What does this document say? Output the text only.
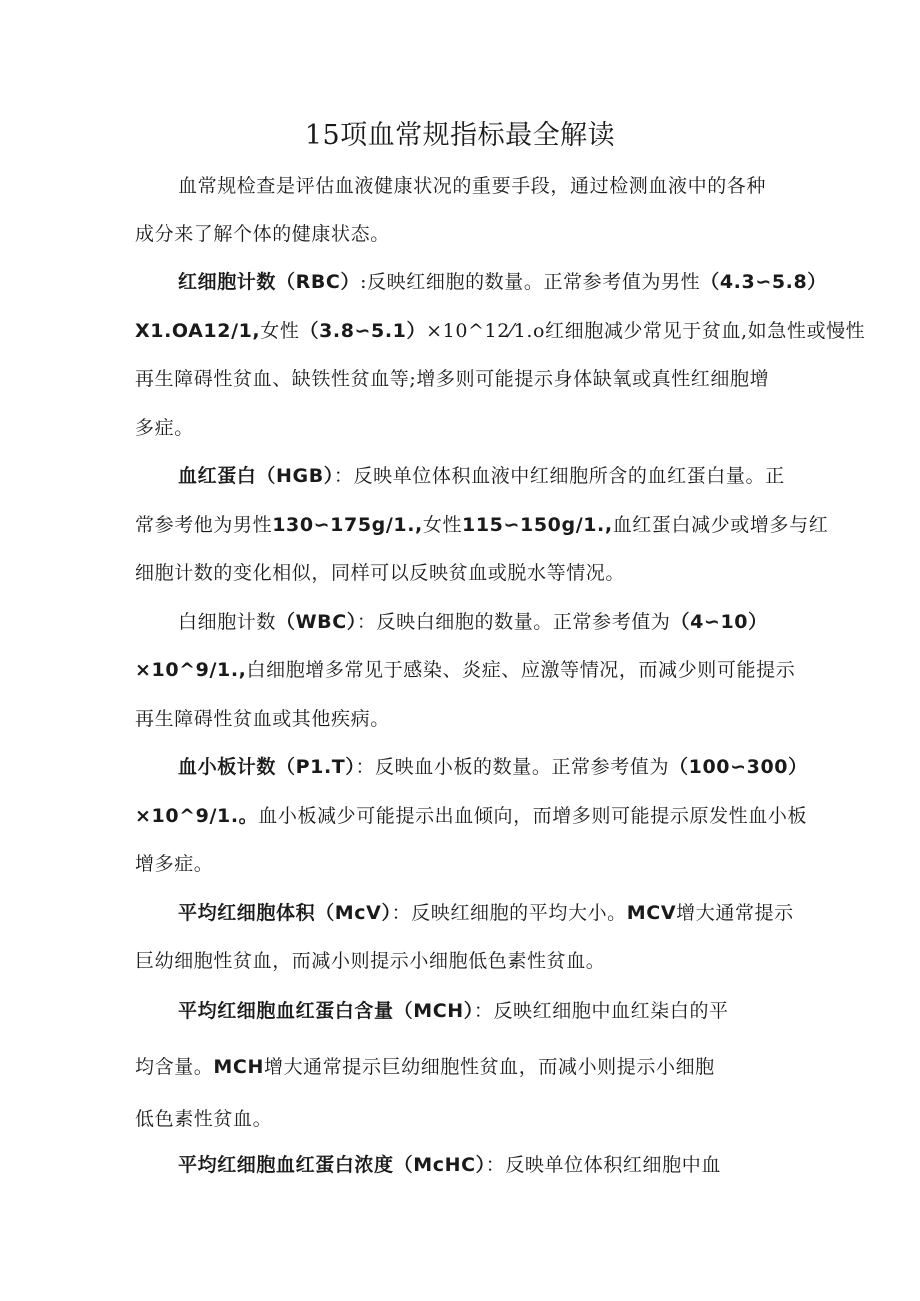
15项血常规指标最全解读
血常规检查是评估血液健康状况的重要手段，通过检测血液中的各种
成分来了解个体的健康状态。
红细胞计数（RBC）:反映红细胞的数量。正常参考值为男性（4.3∽5.8）
X1.OA12/1,女性（3.8∽5.1）×10^12⁄1.o红细胞减少常见于贫血,如急性或慢性
再生障碍性贫血、缺铁性贫血等;增多则可能提示身体缺氧或真性红细胞增
多症。
血红蛋白（HGB）：反映单位体积血液中红细胞所含的血红蛋白量。正
常参考他为男性130∽175g/1.,女性115∽150g/1.,血红蛋白减少或增多与红
细胞计数的变化相似，同样可以反映贫血或脱水等情况。
白细胞计数（WBC）：反映白细胞的数量。正常参考值为（4∽10）
×10^9/1.,白细胞增多常见于感染、炎症、应激等情况，而减少则可能提示
再生障碍性贫血或其他疾病。
血小板计数（P1.T）：反映血小板的数量。正常参考值为（100∽300）
×10^9/1.。血小板减少可能提示出血倾向，而增多则可能提示原发性血小板
增多症。
平均红细胞体积（McV）：反映红细胞的平均大小。MCV增大通常提示
巨幼细胞性贫血，而减小则提示小细胞低色素性贫血。
平均红细胞血红蛋白含量（MCH）：反映红细胞中血红柒白的平
均含量。MCH增大通常提示巨幼细胞性贫血，而减小则提示小细胞
低色素性贫血。
平均红细胞血红蛋白浓度（McHC）：反映单位体积红细胞中血
